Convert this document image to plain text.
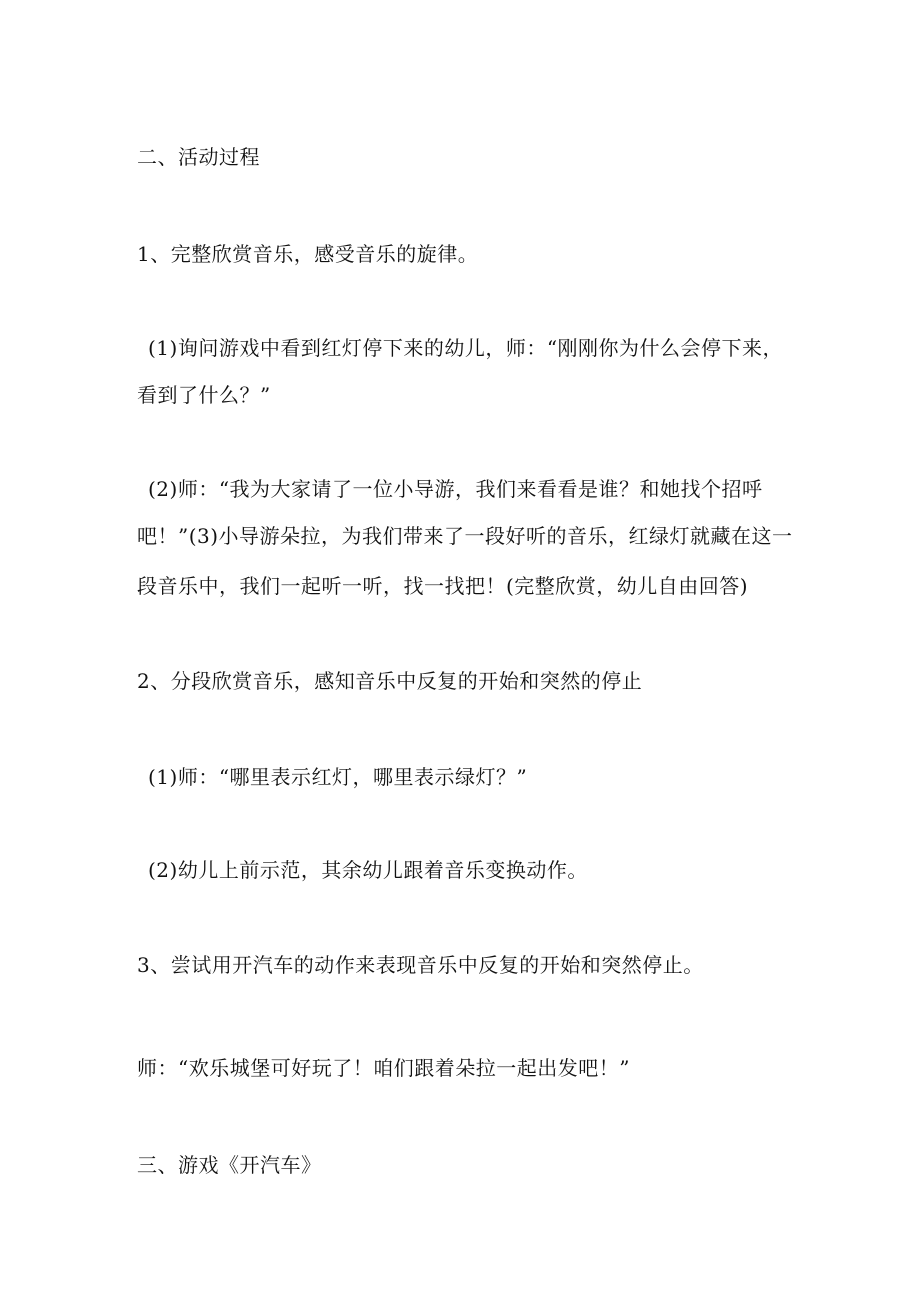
二、活动过程
1、完整欣赏音乐，感受音乐的旋律。
(1)询问游戏中看到红灯停下来的幼儿，师：“刚刚你为什么会停下来，
看到了什么？”
(2)师：“我为大家请了一位小导游，我们来看看是谁？和她找个招呼
吧！”(3)小导游朵拉，为我们带来了一段好听的音乐，红绿灯就藏在这一
段音乐中，我们一起听一听，找一找把！(完整欣赏，幼儿自由回答)
2、分段欣赏音乐，感知音乐中反复的开始和突然的停止
(1)师：“哪里表示红灯，哪里表示绿灯？”
(2)幼儿上前示范，其余幼儿跟着音乐变换动作。
3、尝试用开汽车的动作来表现音乐中反复的开始和突然停止。
师：“欢乐城堡可好玩了！咱们跟着朵拉一起出发吧！”
三、游戏《开汽车》
